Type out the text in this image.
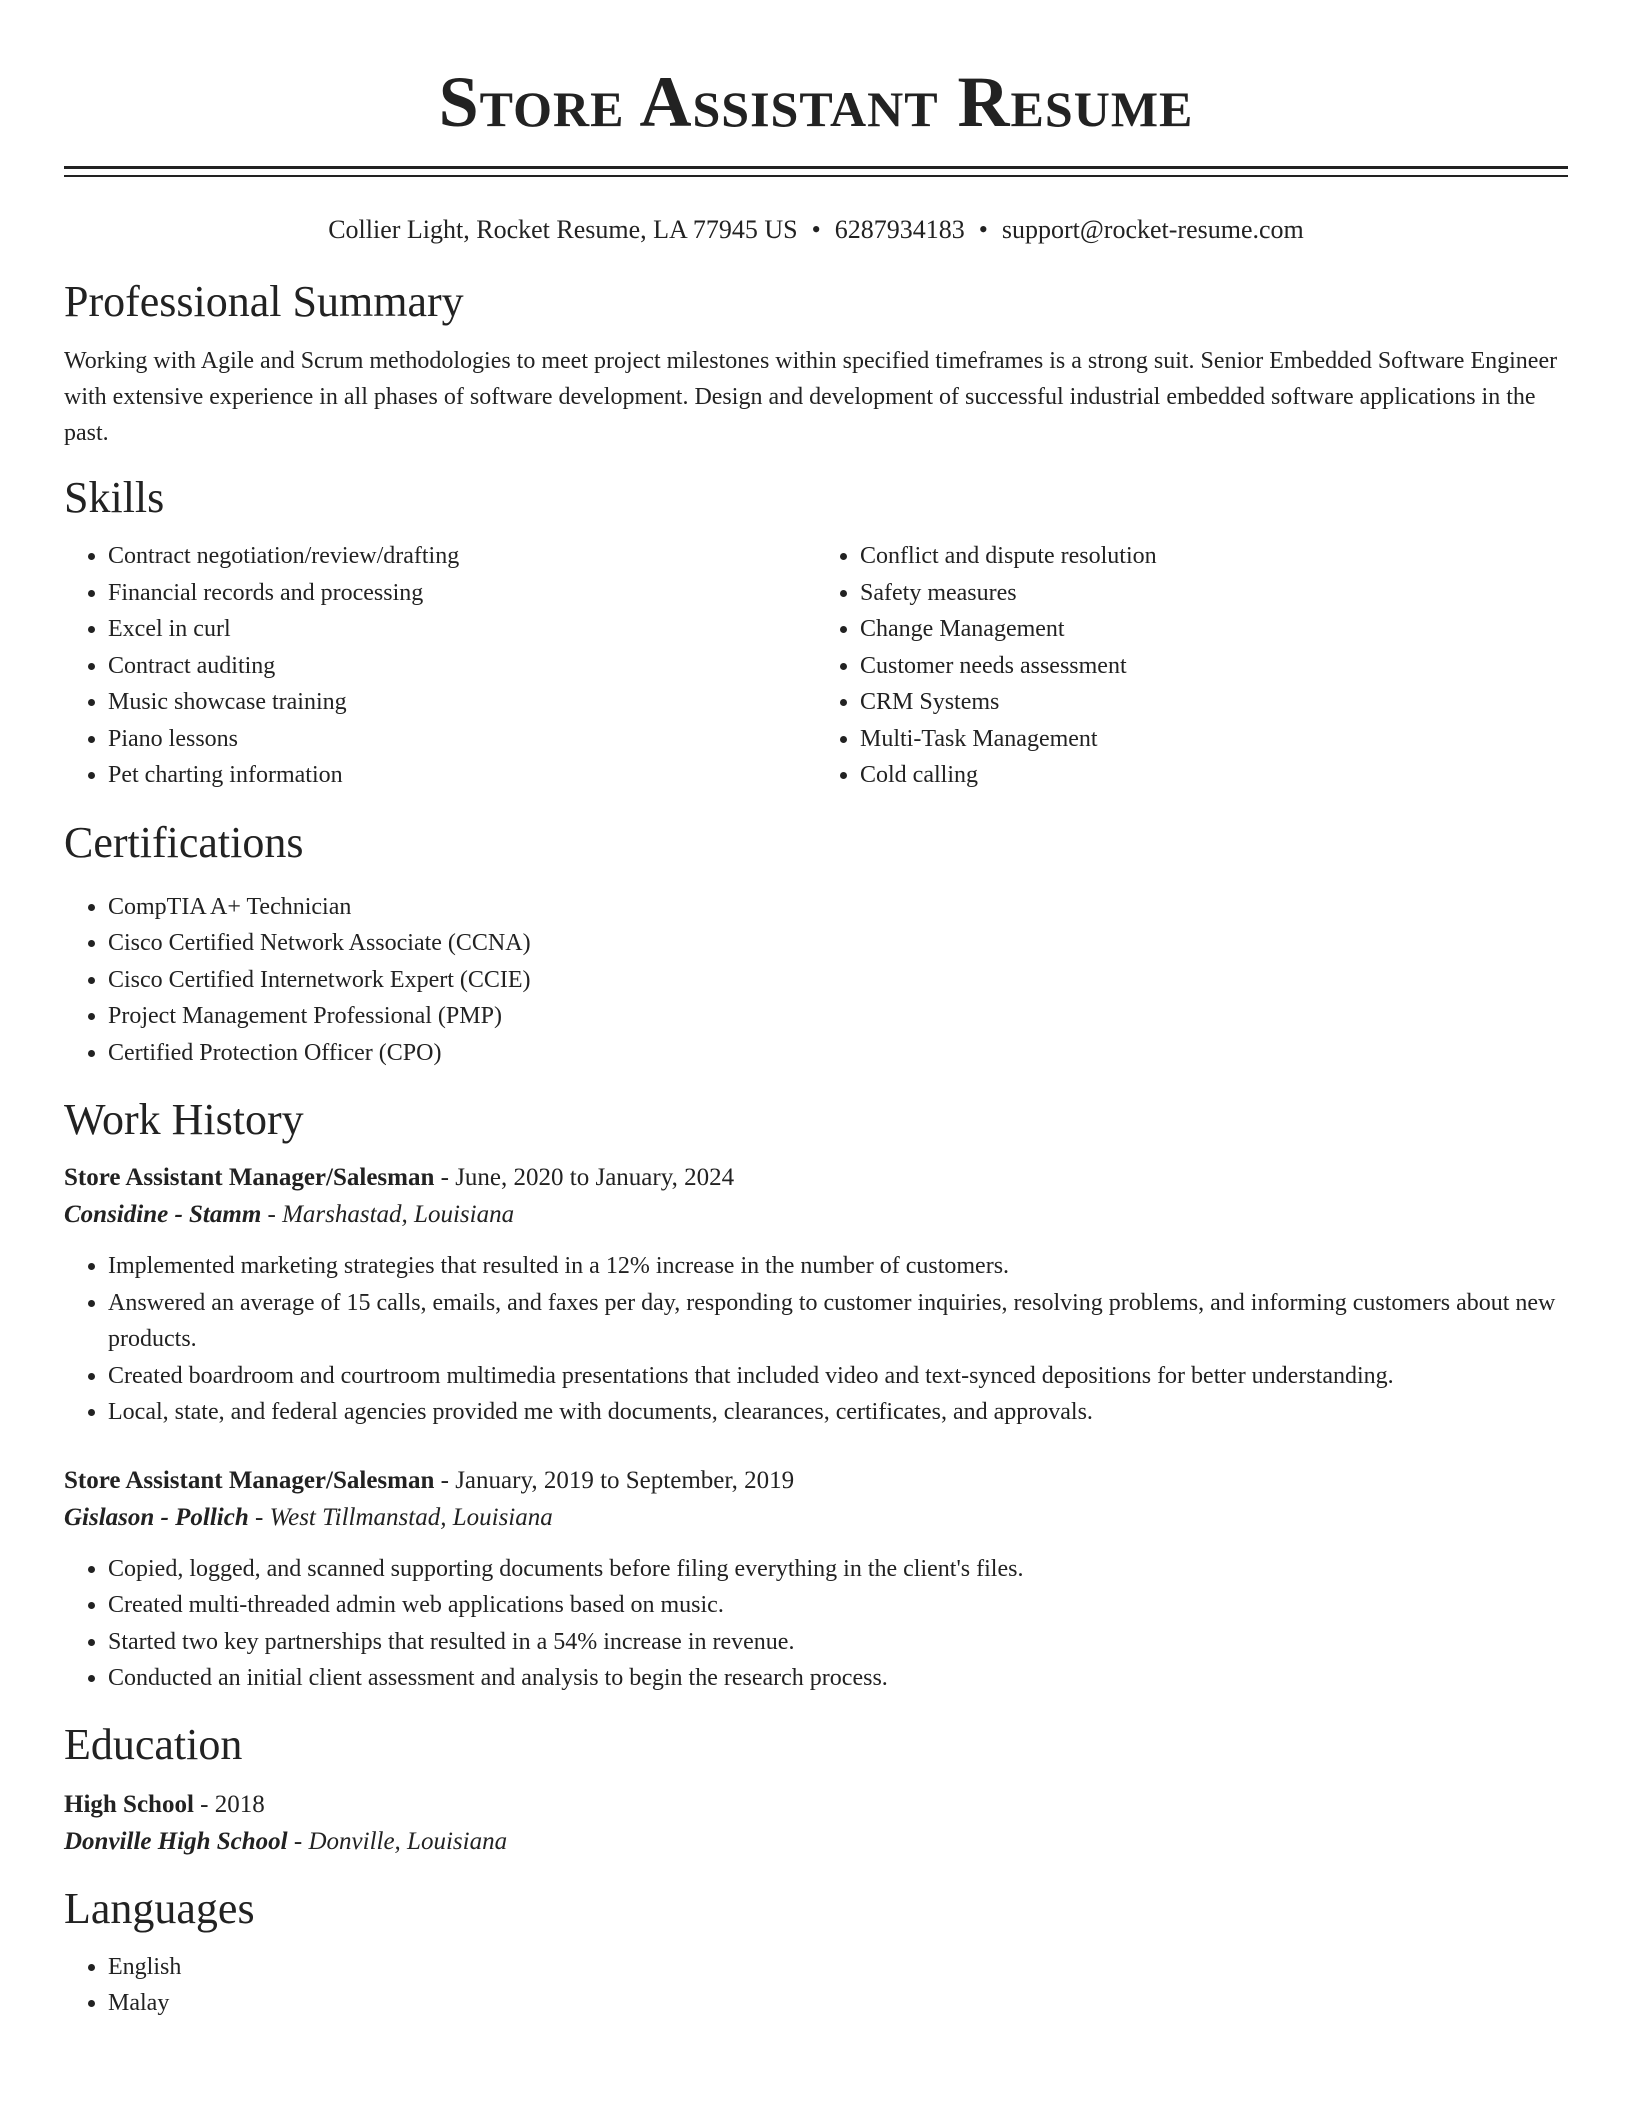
Store Assistant Resume
Collier Light, Rocket Resume, LA 77945 US • 6287934183 • support@rocket-resume.com
Professional Summary

Working with Agile and Scrum methodologies to meet project milestones within specified timeframes is a strong suit. Senior Embedded Software Engineer with extensive experience in all phases of software development. Design and development of successful industrial embedded software applications in the past.

Skills
• Contract negotiation/review/drafting
• Financial records and processing
• Excel in curl
• Contract auditing
• Music showcase training
• Piano lessons
• Pet charting information
• Conflict and dispute resolution
• Safety measures
• Change Management
• Customer needs assessment
• CRM Systems
• Multi-Task Management
• Cold calling
Certifications
• CompTIA A+ Technician
• Cisco Certified Network Associate (CCNA)
• Cisco Certified Internetwork Expert (CCIE)
• Project Management Professional (PMP)
• Certified Protection Officer (CPO)
Work History
Store Assistant Manager/Salesman - June, 2020 to January, 2024
Considine - Stamm - Marshastad, Louisiana
• Implemented marketing strategies that resulted in a 12% increase in the number of customers.
• Answered an average of 15 calls, emails, and faxes per day, responding to customer inquiries, resolving problems, and informing customers about new products.
• Created boardroom and courtroom multimedia presentations that included video and text-synced depositions for better understanding.
• Local, state, and federal agencies provided me with documents, clearances, certificates, and approvals.
Store Assistant Manager/Salesman - January, 2019 to September, 2019
Gislason - Pollich - West Tillmanstad, Louisiana
• Copied, logged, and scanned supporting documents before filing everything in the client's files.
• Created multi-threaded admin web applications based on music.
• Started two key partnerships that resulted in a 54% increase in revenue.
• Conducted an initial client assessment and analysis to begin the research process.
Education
High School - 2018
Donville High School - Donville, Louisiana
Languages
• English
• Malay
